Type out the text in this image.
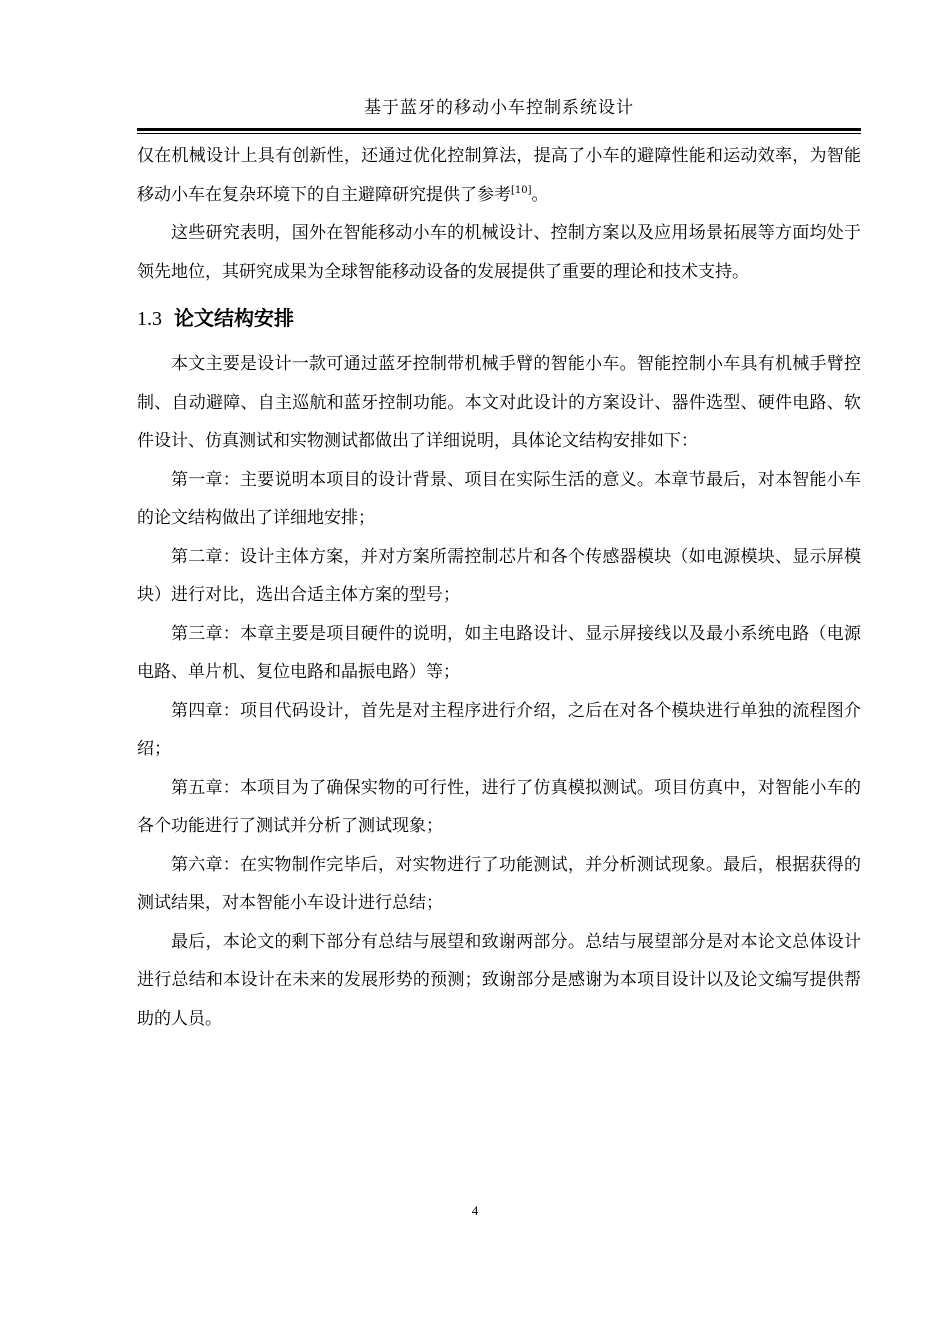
基于蓝牙的移动小车控制系统设计

仅在机械设计上具有创新性，还通过优化控制算法，提高了小车的避障性能和运动效率，为智能移动小车在复杂环境下的自主避障研究提供了参考[10]。

这些研究表明，国外在智能移动小车的机械设计、控制方案以及应用场景拓展等方面均处于领先地位，其研究成果为全球智能移动设备的发展提供了重要的理论和技术支持。

1.3 论文结构安排

本文主要是设计一款可通过蓝牙控制带机械手臂的智能小车。智能控制小车具有机械手臂控制、自动避障、自主巡航和蓝牙控制功能。本文对此设计的方案设计、器件选型、硬件电路、软件设计、仿真测试和实物测试都做出了详细说明，具体论文结构安排如下：

第一章：主要说明本项目的设计背景、项目在实际生活的意义。本章节最后，对本智能小车的论文结构做出了详细地安排；

第二章：设计主体方案，并对方案所需控制芯片和各个传感器模块（如电源模块、显示屏模块）进行对比，选出合适主体方案的型号；

第三章：本章主要是项目硬件的说明，如主电路设计、显示屏接线以及最小系统电路（电源电路、单片机、复位电路和晶振电路）等；

第四章：项目代码设计，首先是对主程序进行介绍，之后在对各个模块进行单独的流程图介绍；

第五章：本项目为了确保实物的可行性，进行了仿真模拟测试。项目仿真中，对智能小车的各个功能进行了测试并分析了测试现象；

第六章：在实物制作完毕后，对实物进行了功能测试，并分析测试现象。最后，根据获得的测试结果，对本智能小车设计进行总结；

最后，本论文的剩下部分有总结与展望和致谢两部分。总结与展望部分是对本论文总体设计进行总结和本设计在未来的发展形势的预测；致谢部分是感谢为本项目设计以及论文编写提供帮助的人员。

4
